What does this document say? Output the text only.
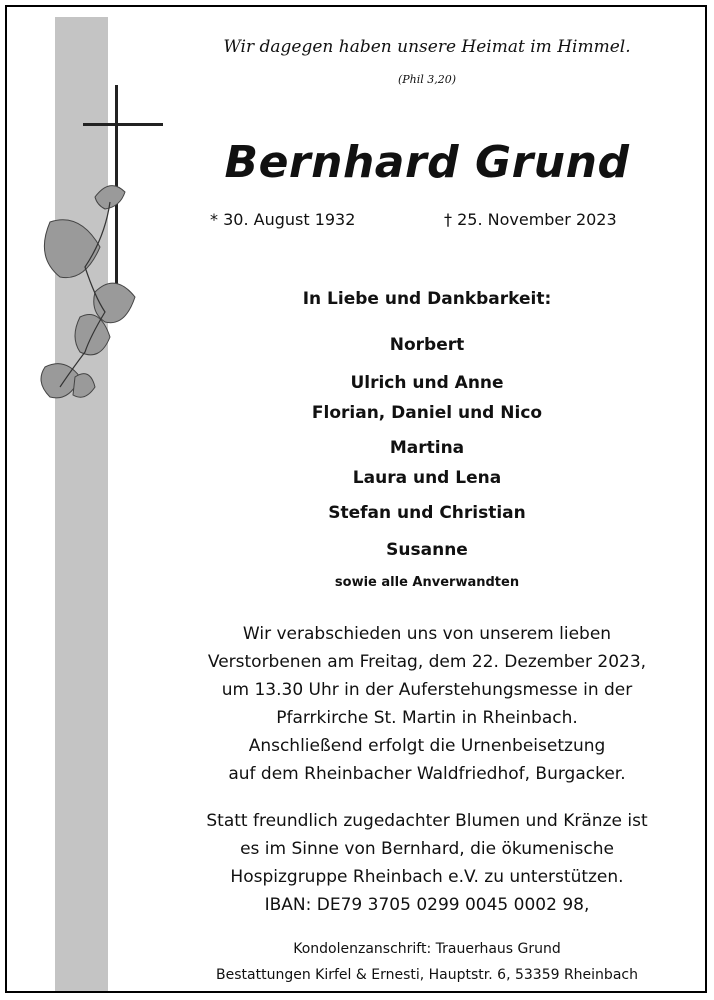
Wir dagegen haben unsere Heimat im Himmel.
(Phil 3,20)
Bernhard Grund
* 30. August 1932	† 25. November 2023
In Liebe und Dankbarkeit:
Norbert
Ulrich und Anne
Florian, Daniel und Nico
Martina
Laura und Lena
Stefan und Christian
Susanne
sowie alle Anverwandten
Wir verabschieden uns von unserem lieben
Verstorbenen am Freitag, dem 22. Dezember 2023,
um 13.30 Uhr in der Auferstehungsmesse in der
Pfarrkirche St. Martin in Rheinbach.
Anschließend erfolgt die Urnenbeisetzung
auf dem Rheinbacher Waldfriedhof, Burgacker.
Statt freundlich zugedachter Blumen und Kränze ist
es im Sinne von Bernhard, die ökumenische
Hospizgruppe Rheinbach e.V. zu unterstützen.
IBAN: DE79 3705 0299 0045 0002 98,
Kondolenzanschrift: Trauerhaus Grund
Bestattungen Kirfel & Ernesti, Hauptstr. 6, 53359 Rheinbach
